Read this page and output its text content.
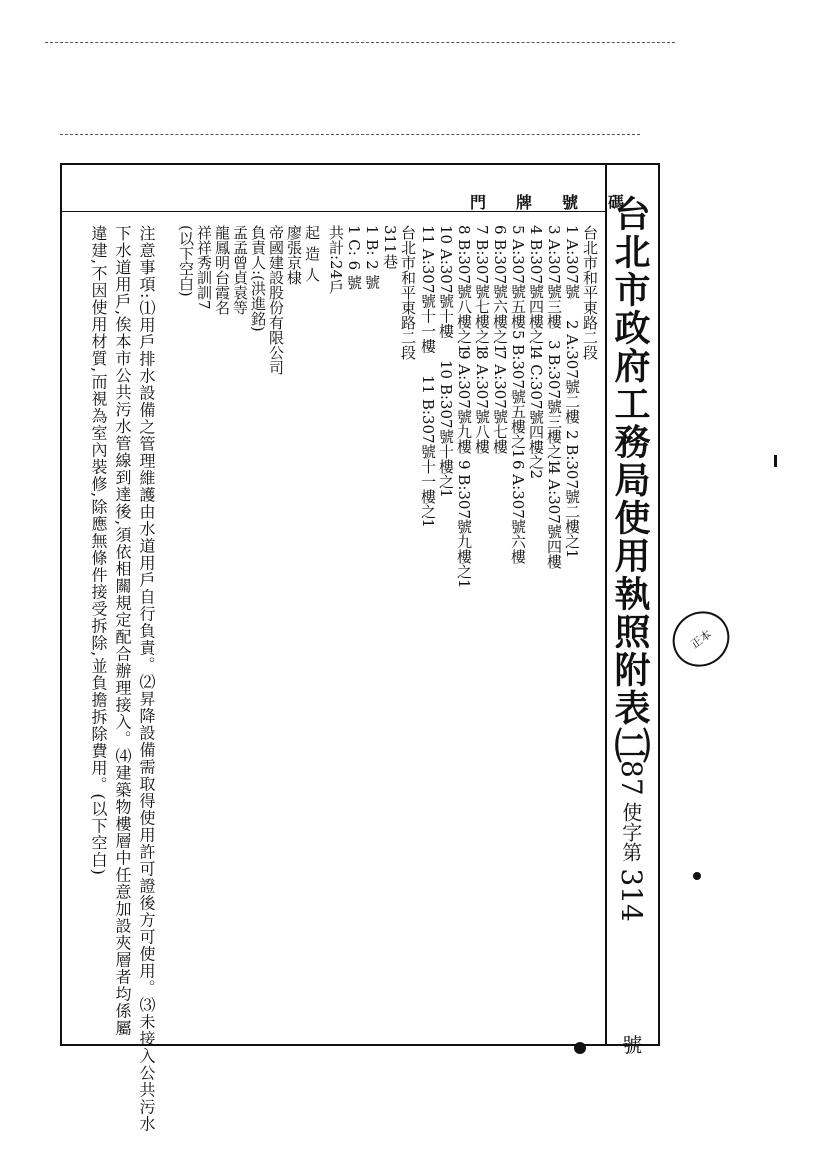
台北市政府工務局使用執照附表㈡
87 使字第 314  號
門牌號碼
台北市和平東路二段
1 A:307號
2 A:307號二樓
2 B:307號二樓之1
3 A:307號三樓
3 B:307號三樓之1
4 A:307號四樓
4 B:307號四樓之1
4 C:307號四樓之2
5 A:307號五樓
5 B:307號五樓之1
6 A:307號六樓
6 B:307號六樓之1
7 A:307號七樓
7 B:307號七樓之1
8 A:307號八樓
8 B:307號八樓之1
9 A:307號九樓
9 B:307號九樓之1
10 A:307號十樓
10 B:307號十樓之1
11 A:307號十一樓
11 B:307號十一樓之1
台北市和平東路二段
311巷
1 B: 2 號
1 C: 6 號
共計:24戶
起造人
廖張京棣
帝國建設股份有限公司
負責人:(洪進銘)
孟孟曾貞袁等
龍鳳明台霞名
祥祥秀訓訓7
(以下空白)
注意事項:⑴用戶排水設備之管理維護由水道用戶自行負責。⑵昇降設備需取得使用許可證後方可使用。⑶未接入公共污水
下水道用戶,俟本市公共污水管線到達後,須依相關規定配合辦理接入。⑷建築物樓層中任意加設夾層者均係屬
違建,不因使用材質,而視為室內裝修,除應無條件接受拆除,並負擔拆除費用。(以下空白)	正本
